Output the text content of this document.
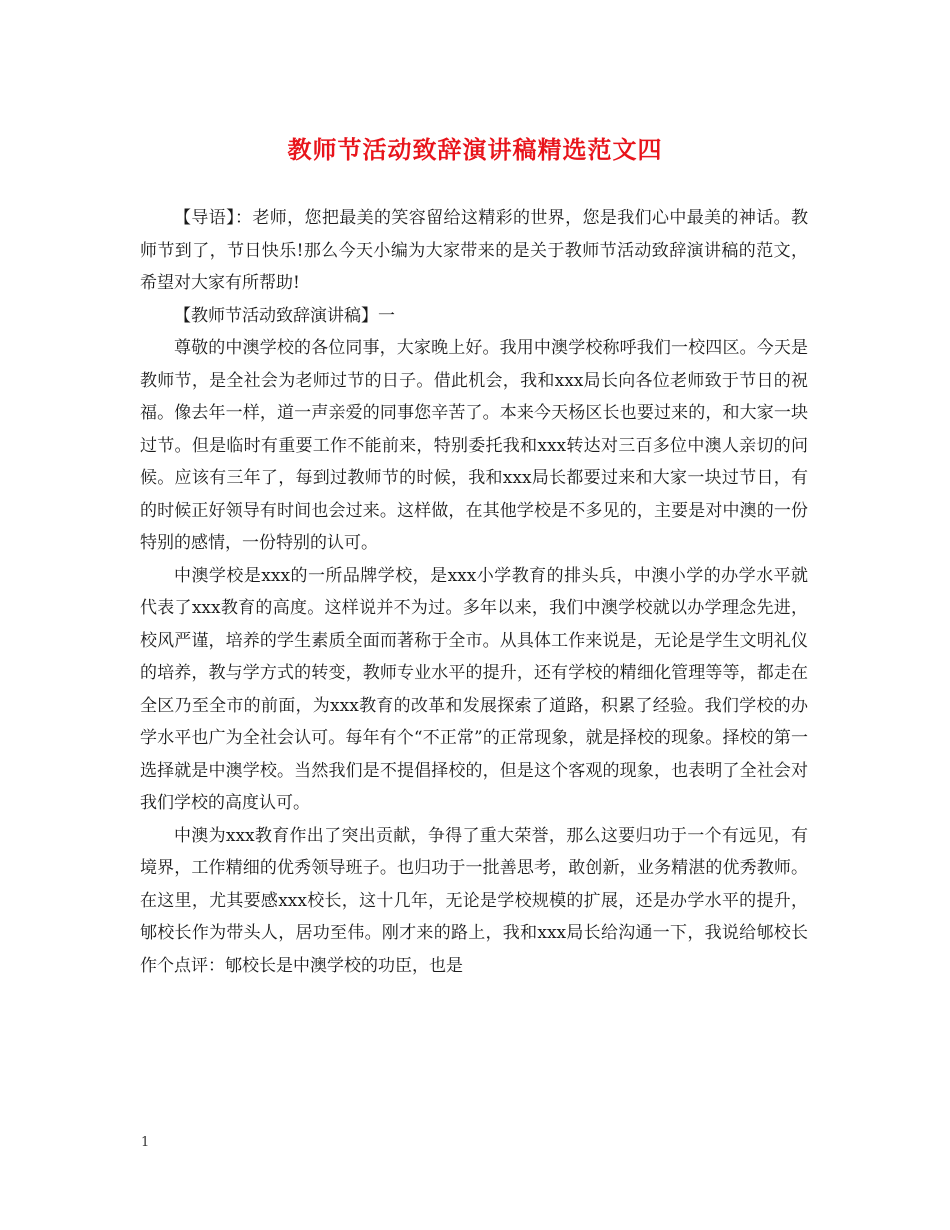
教师节活动致辞演讲稿精选范文四

【导语】：老师，您把最美的笑容留给这精彩的世界，您是我们心中最美的神话。教师节到了，节日快乐!那么今天小编为大家带来的是关于教师节活动致辞演讲稿的范文，希望对大家有所帮助!

【教师节活动致辞演讲稿】一

尊敬的中澳学校的各位同事，大家晚上好。我用中澳学校称呼我们一校四区。今天是教师节，是全社会为老师过节的日子。借此机会，我和xxx局长向各位老师致于节日的祝福。像去年一样，道一声亲爱的同事您辛苦了。本来今天杨区长也要过来的，和大家一块过节。但是临时有重要工作不能前来，特别委托我和xxx转达对三百多位中澳人亲切的问候。应该有三年了，每到过教师节的时候，我和xxx局长都要过来和大家一块过节日，有的时候正好领导有时间也会过来。这样做，在其他学校是不多见的，主要是对中澳的一份特别的感情，一份特别的认可。

中澳学校是xxx的一所品牌学校，是xxx小学教育的排头兵，中澳小学的办学水平就代表了xxx教育的高度。这样说并不为过。多年以来，我们中澳学校就以办学理念先进，校风严谨，培养的学生素质全面而著称于全市。从具体工作来说是，无论是学生文明礼仪的培养，教与学方式的转变，教师专业水平的提升，还有学校的精细化管理等等，都走在全区乃至全市的前面，为xxx教育的改革和发展探索了道路，积累了经验。我们学校的办学水平也广为全社会认可。每年有个“不正常”的正常现象，就是择校的现象。择校的第一选择就是中澳学校。当然我们是不提倡择校的，但是这个客观的现象，也表明了全社会对我们学校的高度认可。

中澳为xxx教育作出了突出贡献，争得了重大荣誉，那么这要归功于一个有远见，有境界，工作精细的优秀领导班子。也归功于一批善思考，敢创新，业务精湛的优秀教师。在这里，尤其要感xxx校长，这十几年，无论是学校规模的扩展，还是办学水平的提升，郇校长作为带头人，居功至伟。刚才来的路上，我和xxx局长给沟通一下，我说给郇校长作个点评：郇校长是中澳学校的功臣，也是

1
